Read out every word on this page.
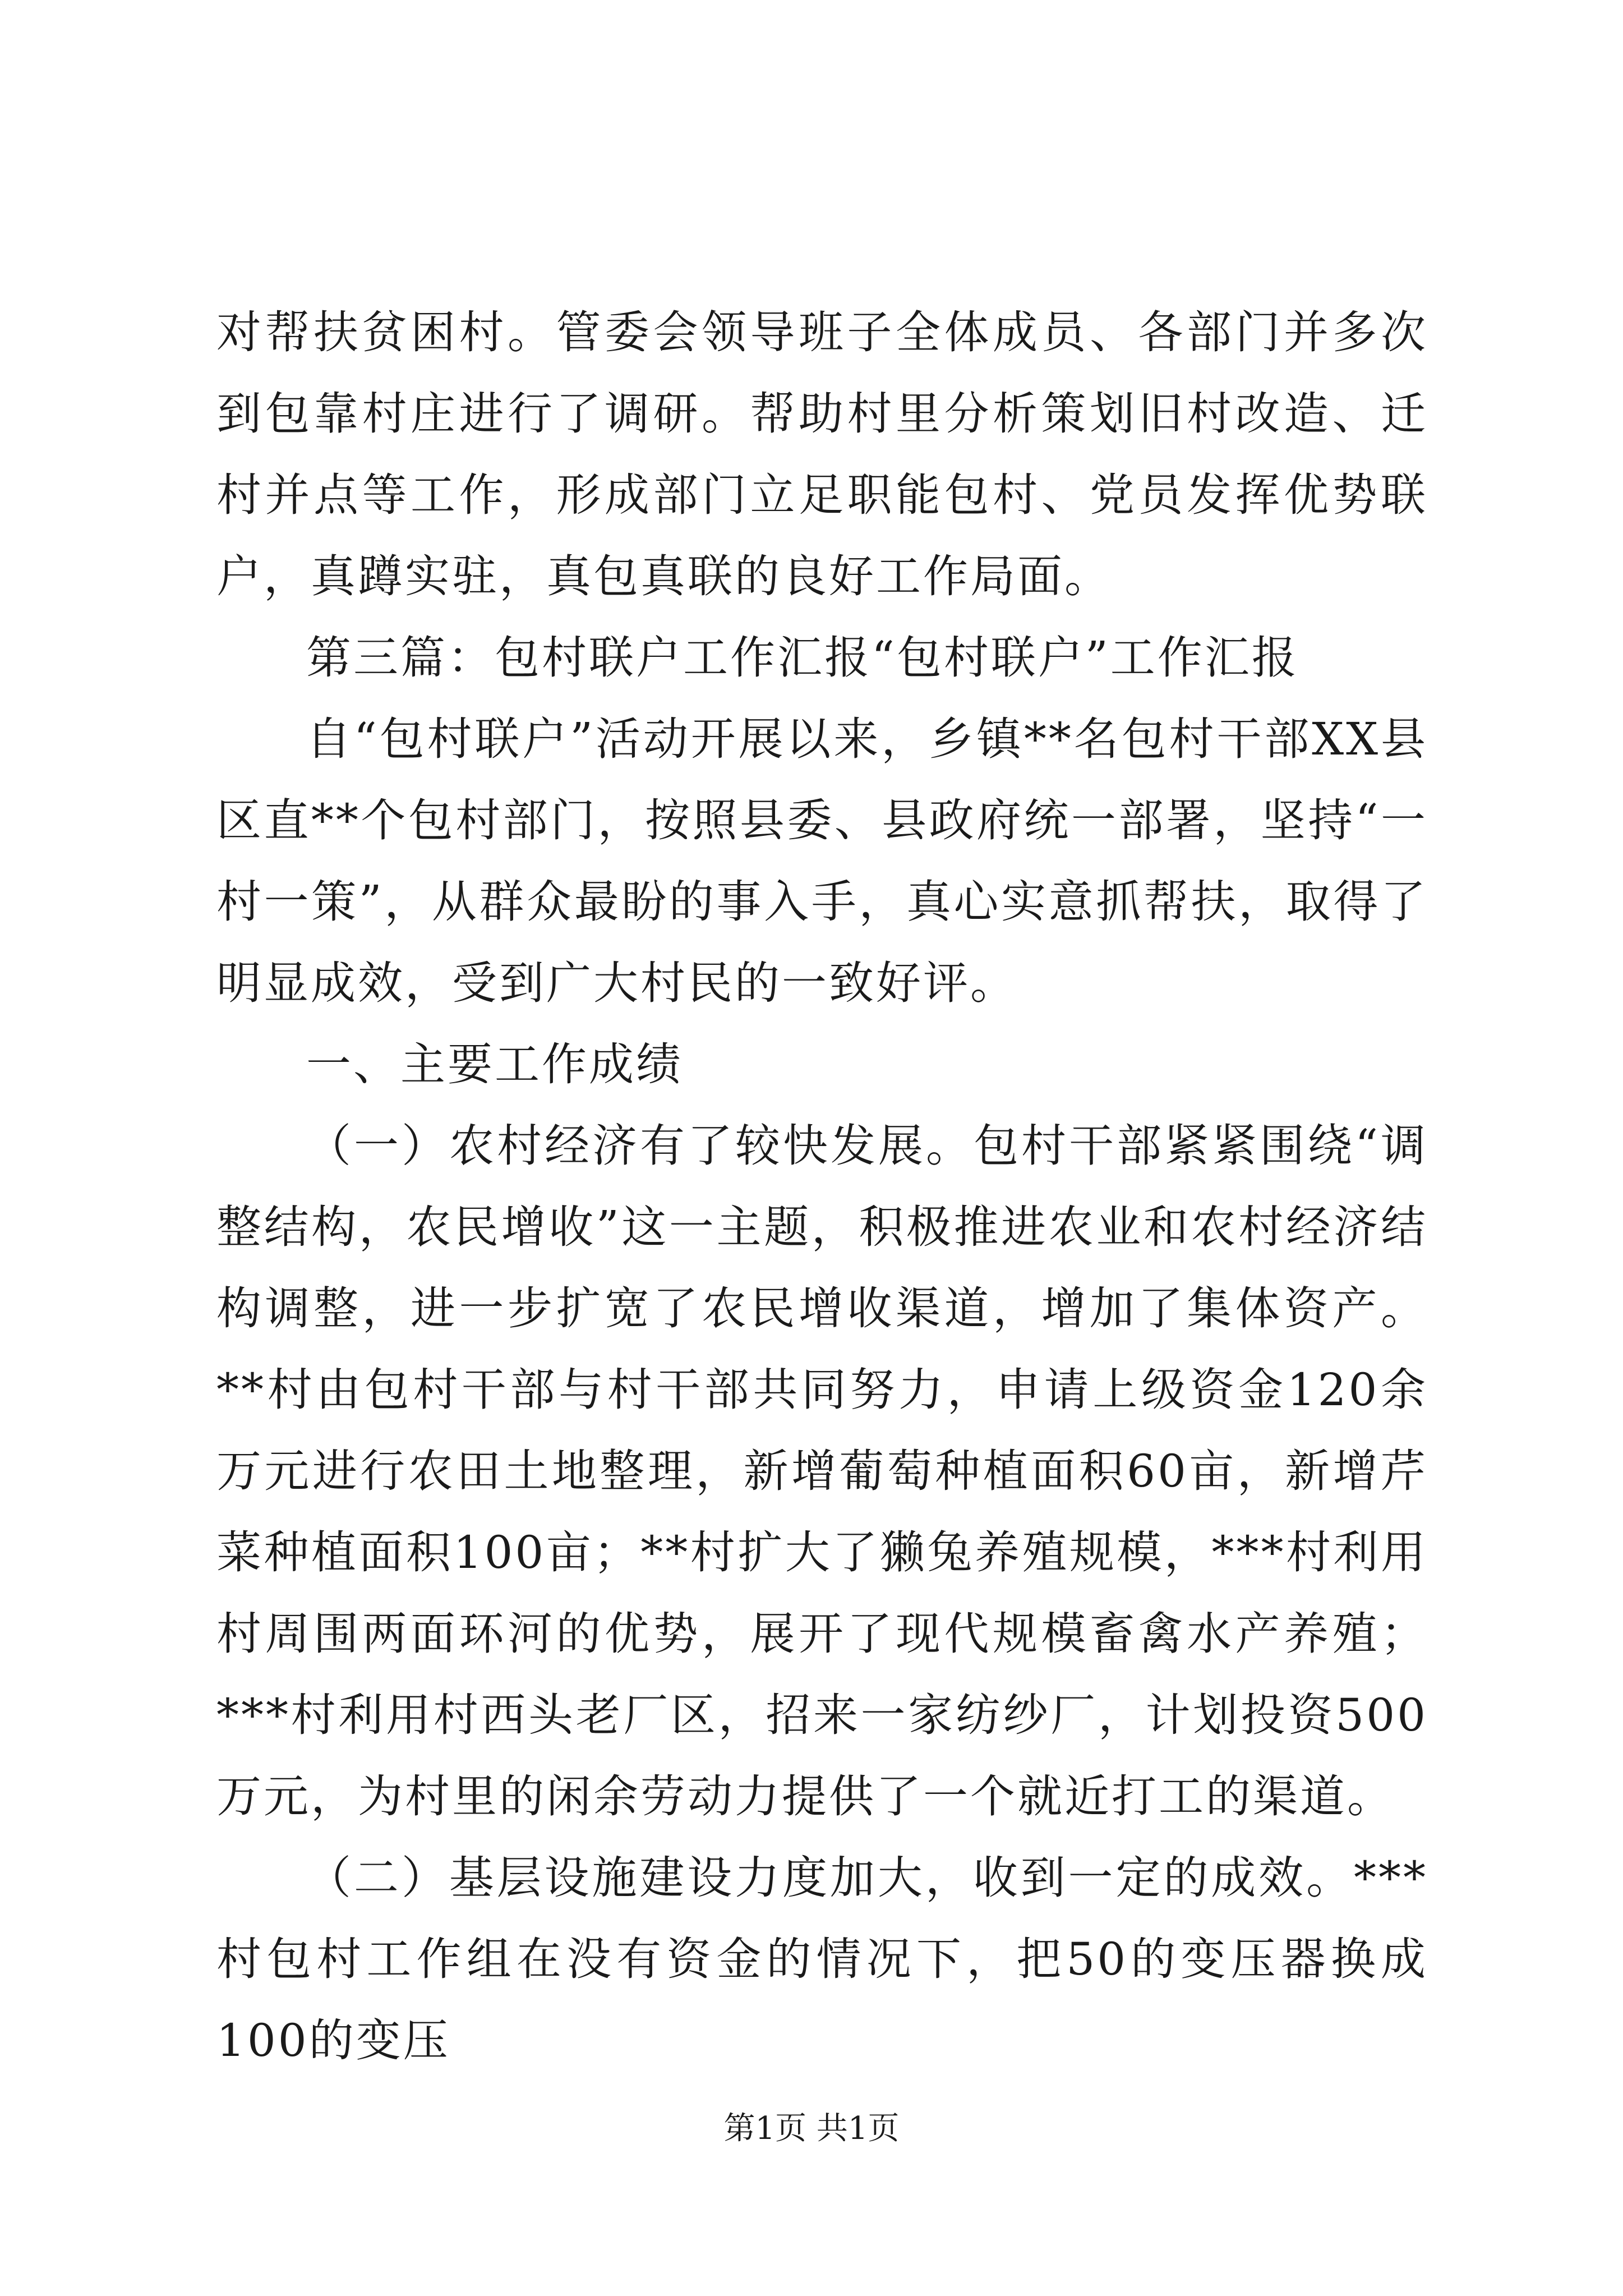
对帮扶贫困村。管委会领导班子全体成员、各部门并多次到包靠村庄进行了调研。帮助村里分析策划旧村改造、迁村并点等工作，形成部门立足职能包村、党员发挥优势联户，真蹲实驻，真包真联的良好工作局面。

第三篇：包村联户工作汇报“包村联户”工作汇报

自“包村联户”活动开展以来，乡镇**名包村干部XX县区直**个包村部门，按照县委、县政府统一部署，坚持“一村一策”，从群众最盼的事入手，真心实意抓帮扶，取得了明显成效，受到广大村民的一致好评。

一、主要工作成绩

（一）农村经济有了较快发展。包村干部紧紧围绕“调整结构，农民增收”这一主题，积极推进农业和农村经济结构调整，进一步扩宽了农民增收渠道，增加了集体资产。**村由包村干部与村干部共同努力，申请上级资金120余万元进行农田土地整理，新增葡萄种植面积60亩，新增芹菜种植面积100亩；**村扩大了獭兔养殖规模，***村利用村周围两面环河的优势，展开了现代规模畜禽水产养殖；***村利用村西头老厂区，招来一家纺纱厂，计划投资500万元，为村里的闲余劳动力提供了一个就近打工的渠道。

（二）基层设施建设力度加大，收到一定的成效。***村包村工作组在没有资金的情况下，把50的变压器换成100的变压

第1页 共1页
